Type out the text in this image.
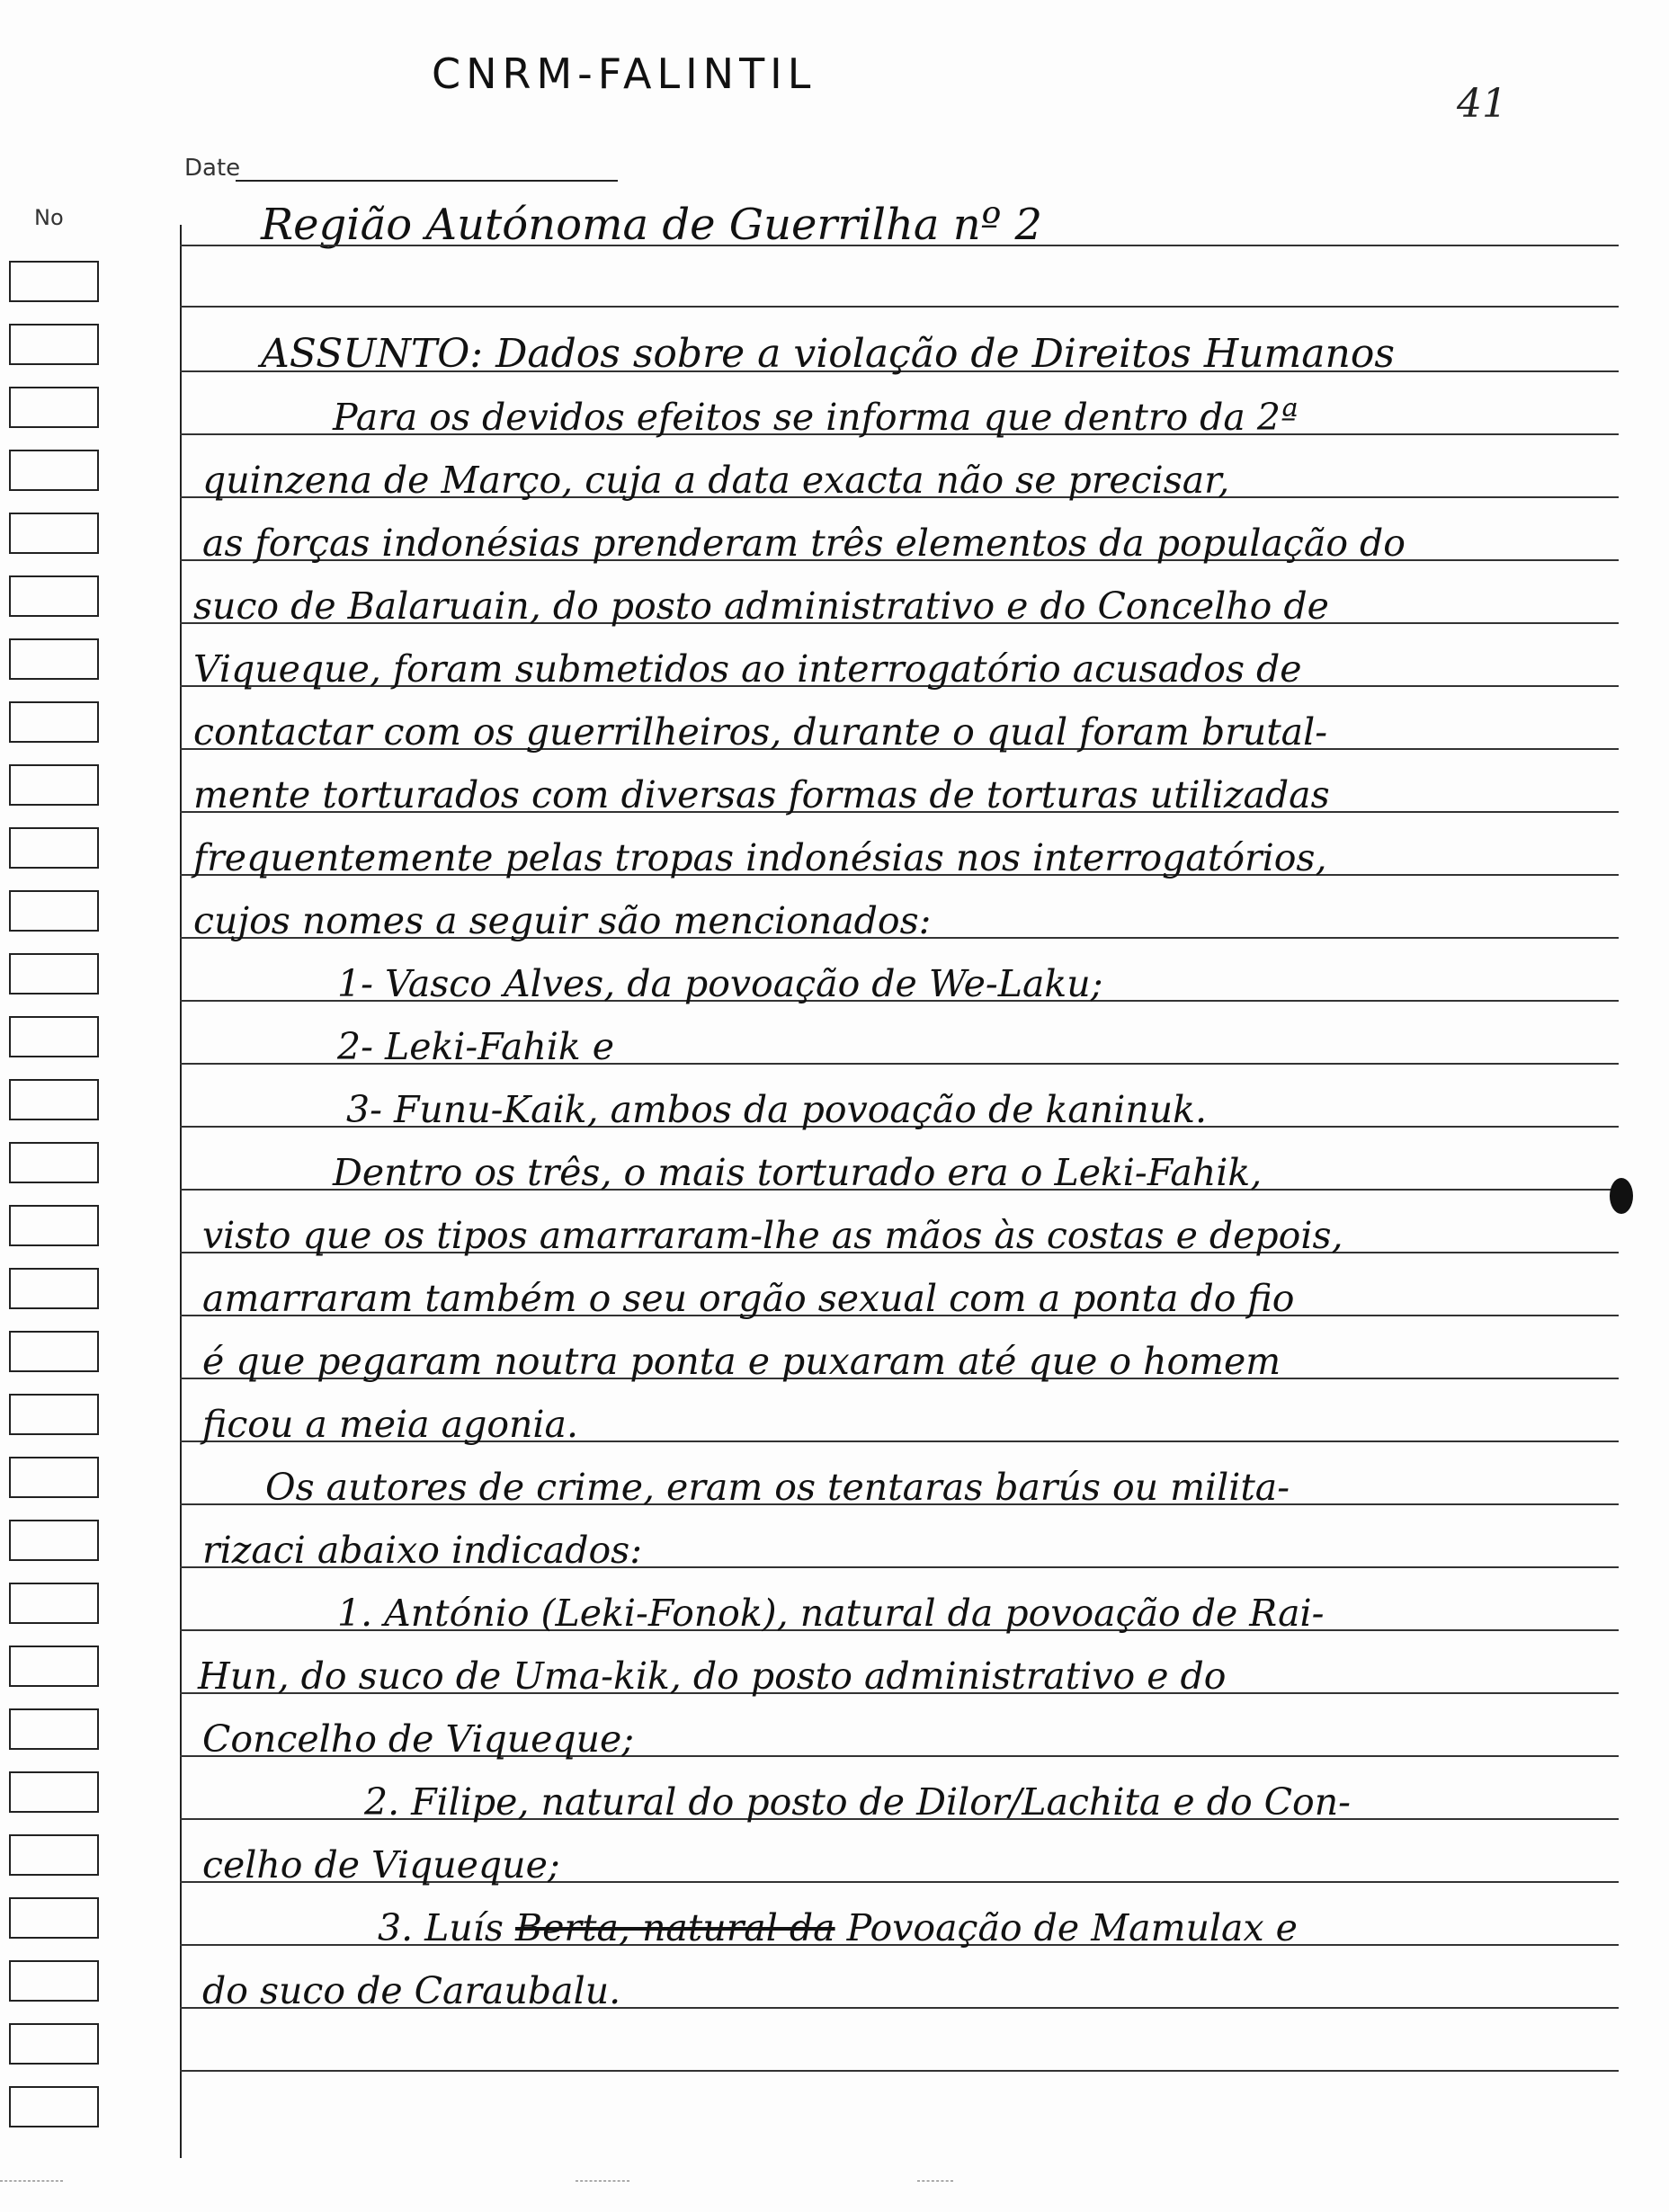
CNRM-FALINTIL
41
Date
No	Região Autónoma de Guerrilha nº 2
ASSUNTO: Dados sobre a violação de Direitos Humanos
Para os devidos efeitos se informa que dentro da 2ª
quinzena de Março, cuja a data exacta não se precisar,
as forças indonésias prenderam três elementos da população do
suco de Balaruain, do posto administrativo e do Concelho de
Viqueque, foram submetidos ao interrogatório acusados de
contactar com os guerrilheiros, durante o qual foram brutal-
mente torturados com diversas formas de torturas utilizadas
frequentemente pelas tropas indonésias nos interrogatórios,
cujos nomes a seguir são mencionados:
1- Vasco Alves, da povoação de We-Laku;
2- Leki-Fahik e
3- Funu-Kaik, ambos da povoação de kaninuk.
Dentro os três, o mais torturado era o Leki-Fahik,
visto que os tipos amarraram-lhe as mãos às costas e depois,
amarraram também o seu orgão sexual com a ponta do fio
é que pegaram noutra ponta e puxaram até que o homem
ficou a meia agonia.
Os autores de crime, eram os tentaras barús ou milita-
rizaci abaixo indicados:
1. António (Leki-Fonok), natural da povoação de Rai-
Hun, do suco de Uma-kik, do posto administrativo e do
Concelho de Viqueque;
2. Filipe, natural do posto de Dilor/Lachita e do Con-
celho de Viqueque;
3. Luís Berta, natural da Povoação de Mamulax e
do suco de Caraubalu.
